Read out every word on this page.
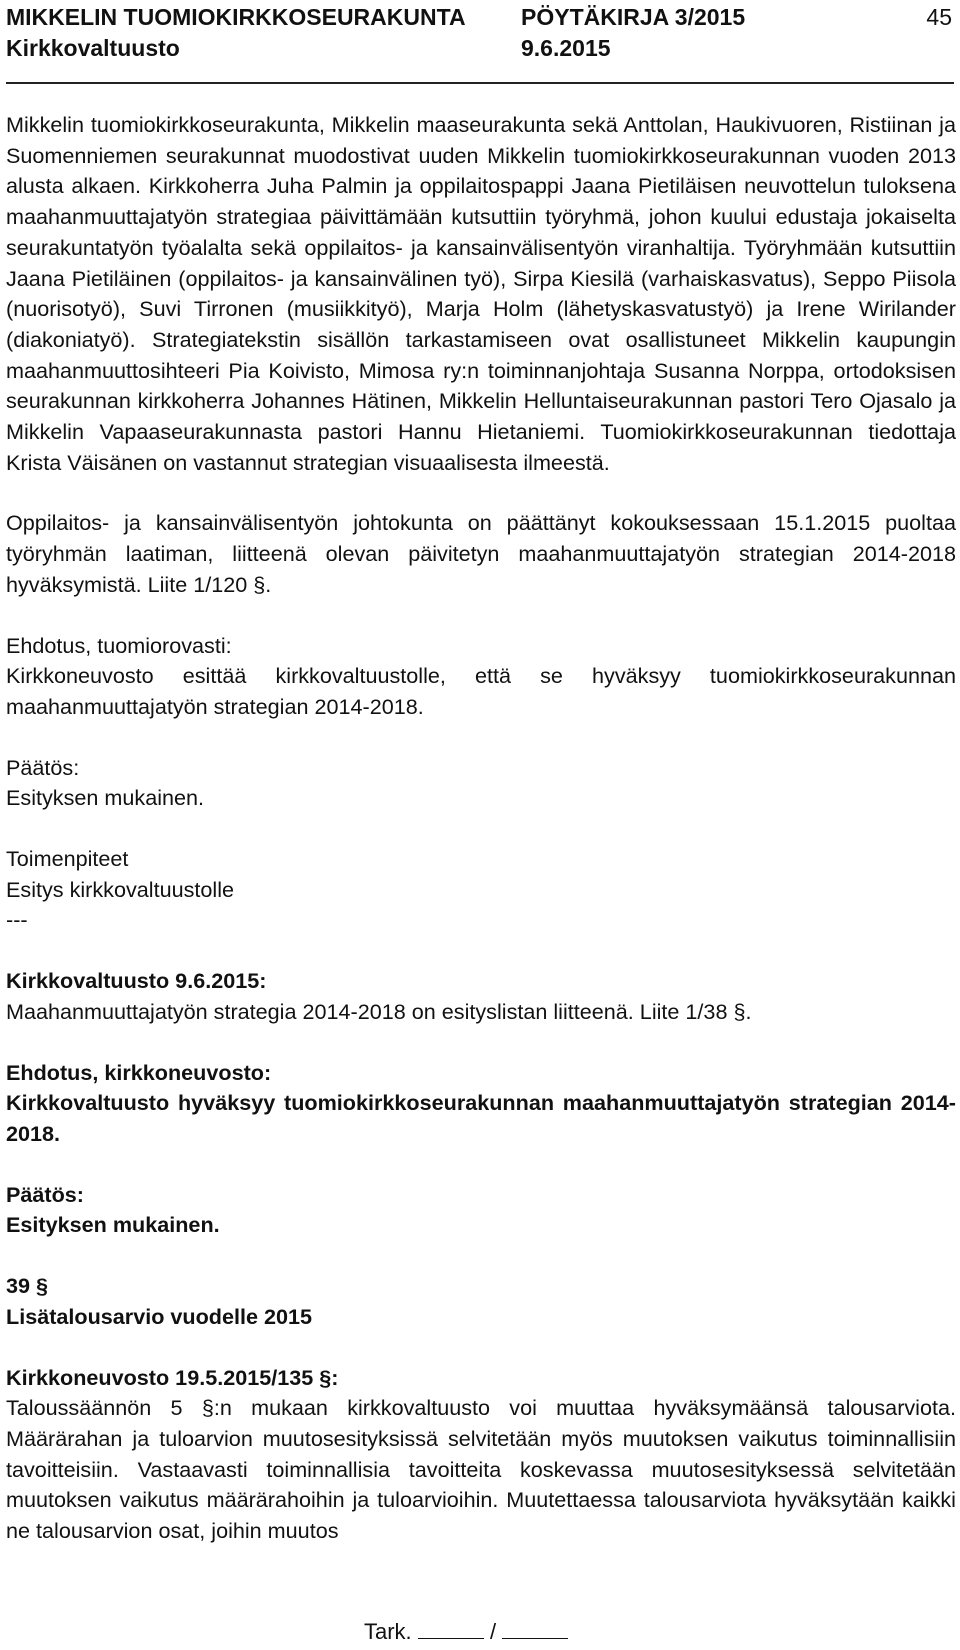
MIKKELIN TUOMIOKIRKKOSEURAKUNTA PÖYTÄKIRJA 3/2015	45
Kirkkovaltuusto	9.6.2015

Mikkelin tuomiokirkkoseurakunta, Mikkelin maaseurakunta sekä Anttolan, Haukivuoren, Ristiinan ja Suomenniemen seurakunnat muodostivat uuden Mikkelin tuomiokirkkoseurakunnan vuoden 2013 alusta alkaen. Kirkkoherra Juha Palmin ja oppilaitospappi Jaana Pietiläisen neuvottelun tuloksena maahanmuuttajatyön strategiaa päivittämään kutsuttiin työryhmä, johon kuului edustaja jokaiselta seurakuntatyön työalalta sekä oppilaitos- ja kansainvälisentyön viranhaltija. Työryhmään kutsuttiin Jaana Pietiläinen (oppilaitos- ja kansainvälinen työ), Sirpa Kiesilä (varhaiskasvatus), Seppo Piisola (nuorisotyö), Suvi Tirronen (musiikkityö), Marja Holm (lähetyskasvatustyö) ja Irene Wirilander (diakoniatyö). Strategiatekstin sisällön tarkastamiseen ovat osallistuneet Mikkelin kaupungin maahanmuuttosihteeri Pia Koivisto, Mimosa ry:n toiminnanjohtaja Susanna Norppa, ortodoksisen seurakunnan kirkkoherra Johannes Hätinen, Mikkelin Helluntaiseurakunnan pastori Tero Ojasalo ja Mikkelin Vapaaseurakunnasta pastori Hannu Hietaniemi. Tuomiokirkkoseurakunnan tiedottaja Krista Väisänen on vastannut strategian visuaalisesta ilmeestä.

Oppilaitos- ja kansainvälisentyön johtokunta on päättänyt kokouksessaan 15.1.2015 puoltaa työryhmän laatiman, liitteenä olevan päivitetyn maahanmuuttajatyön strategian 2014-2018 hyväksymistä. Liite 1/120 §.

Ehdotus, tuomiorovasti:

Kirkkoneuvosto esittää kirkkovaltuustolle, että se hyväksyy tuomiokirkkoseurakunnan maahanmuuttajatyön strategian 2014-2018.

Päätös:
Esityksen mukainen.
Toimenpiteet
Esitys kirkkovaltuustolle
---
Kirkkovaltuusto 9.6.2015:
Maahanmuuttajatyön strategia 2014-2018 on esityslistan liitteenä. Liite 1/38 §.
Ehdotus, kirkkoneuvosto:

Kirkkovaltuusto hyväksyy tuomiokirkkoseurakunnan maahanmuuttajatyön strategian 2014-2018.

Päätös:
Esityksen mukainen.
39 §
Lisätalousarvio vuodelle 2015
Kirkkoneuvosto 19.5.2015/135 §:

Taloussäännön 5 §:n mukaan kirkkovaltuusto voi muuttaa hyväksymäänsä talousarviota. Määrärahan ja tuloarvion muutosesityksissä selvitetään myös muutoksen vaikutus toiminnallisiin tavoitteisiin. Vastaavasti toiminnallisia tavoitteita koskevassa muutosesityksessä selvitetään muutoksen vaikutus määrärahoihin ja tuloarvioihin. Muutettaessa talousarviota hyväksytään kaikki ne talousarvion osat, joihin muutos

Tark.	/
